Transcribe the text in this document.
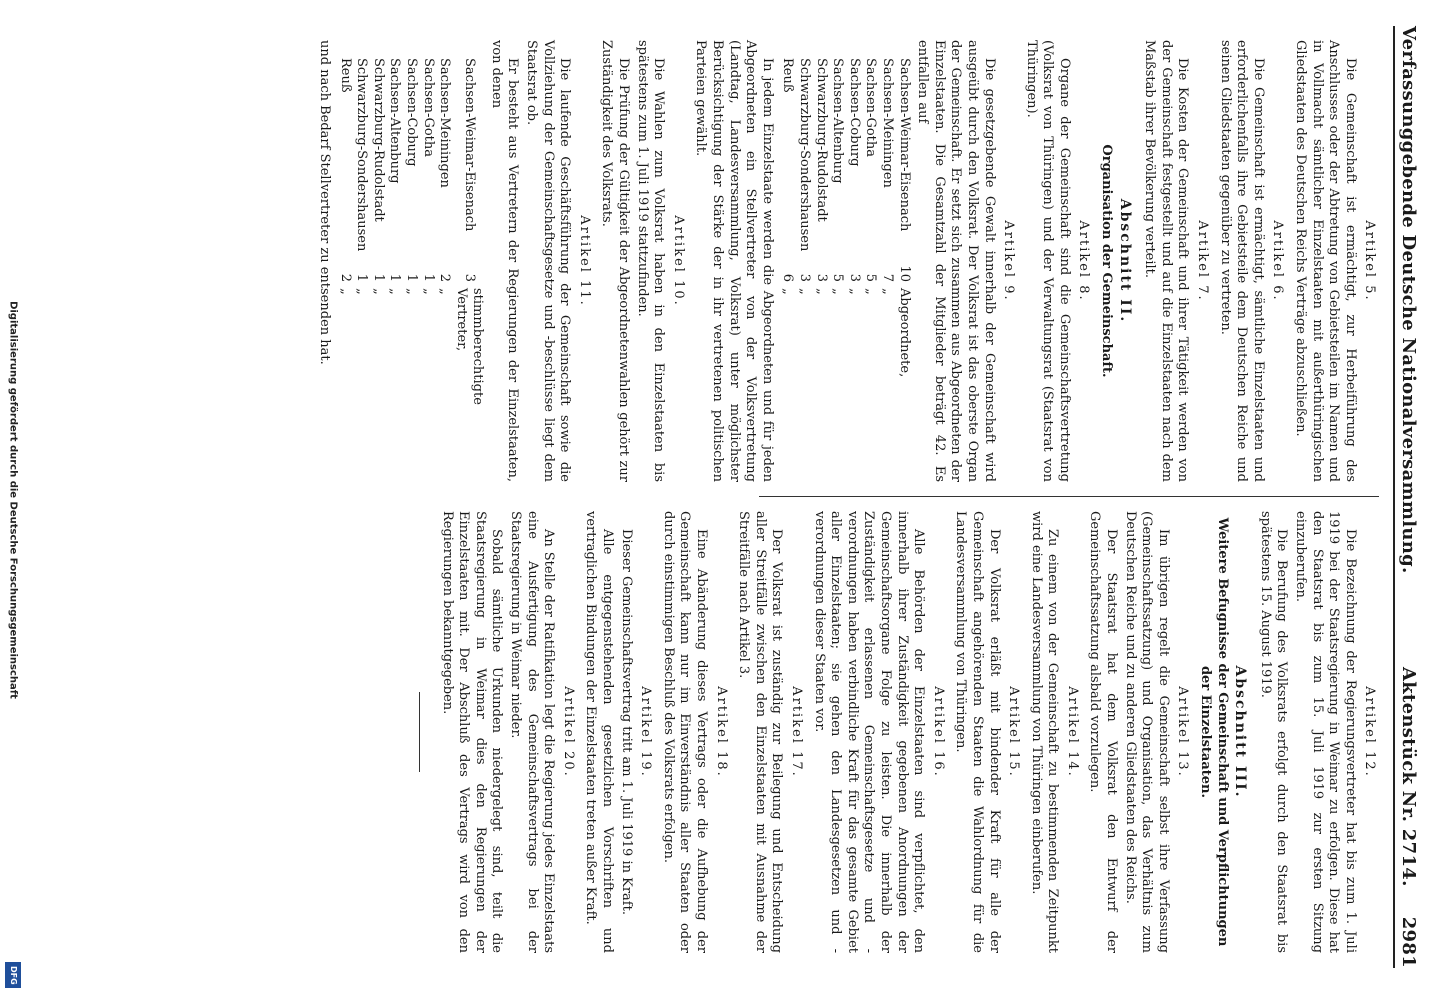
Digitalisierung gefördert durch die Deutsche Forschungsgemeinschaft
DFG
Verfassunggebende Deutsche Nationalversammlung.
Aktenstück Nr. 2714.
2981
Artikel 5.

Die Gemeinschaft ist ermächtigt, zur Herbeiführung des Anschlusses oder der Abtretung von Gebietsteilen im Namen und in Vollmacht sämtlicher Einzelstaaten mit außerthüringischen Gliedstaaten des Deutschen Reichs Verträge abzuschließen.

Artikel 6.

Die Gemeinschaft ist ermächtigt, sämtliche Einzelstaaten und erforderlichenfalls ihre Gebietsteile dem Deutschen Reiche und seinen Gliedstaaten gegenüber zu vertreten.

Artikel 7.

Die Kosten der Gemeinschaft und ihrer Tätigkeit werden von der Gemeinschaft festgestellt und auf die Einzelstaaten nach dem Maßstab ihrer Bevölkerung verteilt.

Abschnitt II.
Organisation der Gemeinschaft.
Artikel 8.

Organe der Gemeinschaft sind die Gemeinschaftsvertretung (Volksrat von Thüringen) und der Verwaltungsrat (Staatsrat von Thüringen).

Artikel 9.

Die gesetzgebende Gewalt innerhalb der Gemeinschaft wird ausgeübt durch den Volksrat. Der Volksrat ist das oberste Organ der Gemeinschaft. Er setzt sich zusammen aus Abgeordneten der Einzelstaaten. Die Gesamtzahl der Mitglieder beträgt 42. Es entfallen auf

Sachsen-Weimar-Eisenach	10	Abgeordnete,
Sachsen-Meiningen	7	„
Sachsen-Gotha	5	„
Sachsen-Coburg	3	„
Sachsen-Altenburg	5	„
Schwarzburg-Rudolstadt	3	„
Schwarzburg-Sondershausen	3	„
Reuß	6	„

In jedem Einzelstaate werden die Abgeordneten und für jeden Abgeordneten ein Stellvertreter von der Volksvertretung (Landtag, Landesversammlung, Volksrat) unter möglichster Berücksichtigung der Stärke der in ihr vertretenen politischen Parteien gewählt.

Artikel 10.

Die Wahlen zum Volksrat haben in den Einzelstaaten bis spätestens zum 1. Juli 1919 stattzufinden.

Die Prüfung der Gültigkeit der Abgeordnetenwahlen gehört zur Zuständigkeit des Volksrats.

Artikel 11.

Die laufende Geschäftsführung der Gemeinschaft sowie die Vollziehung der Gemeinschaftsgesetze und -beschlüsse liegt dem Staatsrat ob.

Er besteht aus Vertretern der Regierungen der Einzelstaaten, von denen

Sachsen-Weimar-Eisenach	3	stimmberechtigte Vertreter,
Sachsen-Meiningen	2	„
Sachsen-Gotha	1	„
Sachsen-Coburg	1	„
Sachsen-Altenburg	1	„
Schwarzburg-Rudolstadt	1	„
Schwarzburg-Sondershausen	1	„
Reuß	2	„

und nach Bedarf Stellvertreter zu entsenden hat.

Artikel 12.

Die Bezeichnung der Regierungsvertreter hat bis zum 1. Juli 1919 bei der Staatsregierung in Weimar zu erfolgen. Diese hat den Staatsrat bis zum 15. Juli 1919 zur ersten Sitzung einzuberufen.

Die Berufung des Volksrats erfolgt durch den Staatsrat bis spätestens 15. August 1919.

Abschnitt III.
Weitere Befugnisse der Gemeinschaft und Verpflichtungen der Einzelstaaten.
Artikel 13.

Im übrigen regelt die Gemeinschaft selbst ihre Verfassung (Gemeinschaftssatzung) und Organisation, das Verhältnis zum Deutschen Reiche und zu anderen Gliedstaaten des Reichs.

Der Staatsrat hat dem Volksrat den Entwurf der Gemeinschaftssatzung alsbald vorzulegen.

Artikel 14.

Zu einem von der Gemeinschaft zu bestimmenden Zeitpunkt wird eine Landesversammlung von Thüringen einberufen.

Artikel 15.

Der Volksrat erläßt mit bindender Kraft für alle der Gemeinschaft angehörenden Staaten die Wahlordnung für die Landesversammlung von Thüringen.

Artikel 16.

Alle Behörden der Einzelstaaten sind verpflichtet, den innerhalb ihrer Zuständigkeit gegebenen Anordnungen der Gemeinschaftsorgane Folge zu leisten. Die innerhalb der Zuständigkeit erlassenen Gemeinschaftsgesetze und -verordnungen haben verbindliche Kraft für das gesamte Gebiet aller Einzelstaaten; sie gehen den Landesgesetzen und -verordnungen dieser Staaten vor.

Artikel 17.

Der Volksrat ist zuständig zur Beilegung und Entscheidung aller Streitfälle zwischen den Einzelstaaten mit Ausnahme der Streitfälle nach Artikel 3.

Artikel 18.

Eine Abänderung dieses Vertrags oder die Aufhebung der Gemeinschaft kann nur im Einverständnis aller Staaten oder durch einstimmigen Beschluß des Volksrats erfolgen.

Artikel 19.

Dieser Gemeinschaftsvertrag tritt am 1. Juli 1919 in Kraft.

Alle entgegenstehenden gesetzlichen Vorschriften und vertraglichen Bindungen der Einzelstaaten treten außer Kraft.

Artikel 20.

An Stelle der Ratifikation legt die Regierung jedes Einzelstaats eine Ausfertigung des Gemeinschaftsvertrags bei der Staatsregierung in Weimar nieder.

Sobald sämtliche Urkunden niedergelegt sind, teilt die Staatsregierung in Weimar dies den Regierungen der Einzelstaaten mit. Der Abschluß des Vertrags wird von den Regierungen bekanntgegeben.
